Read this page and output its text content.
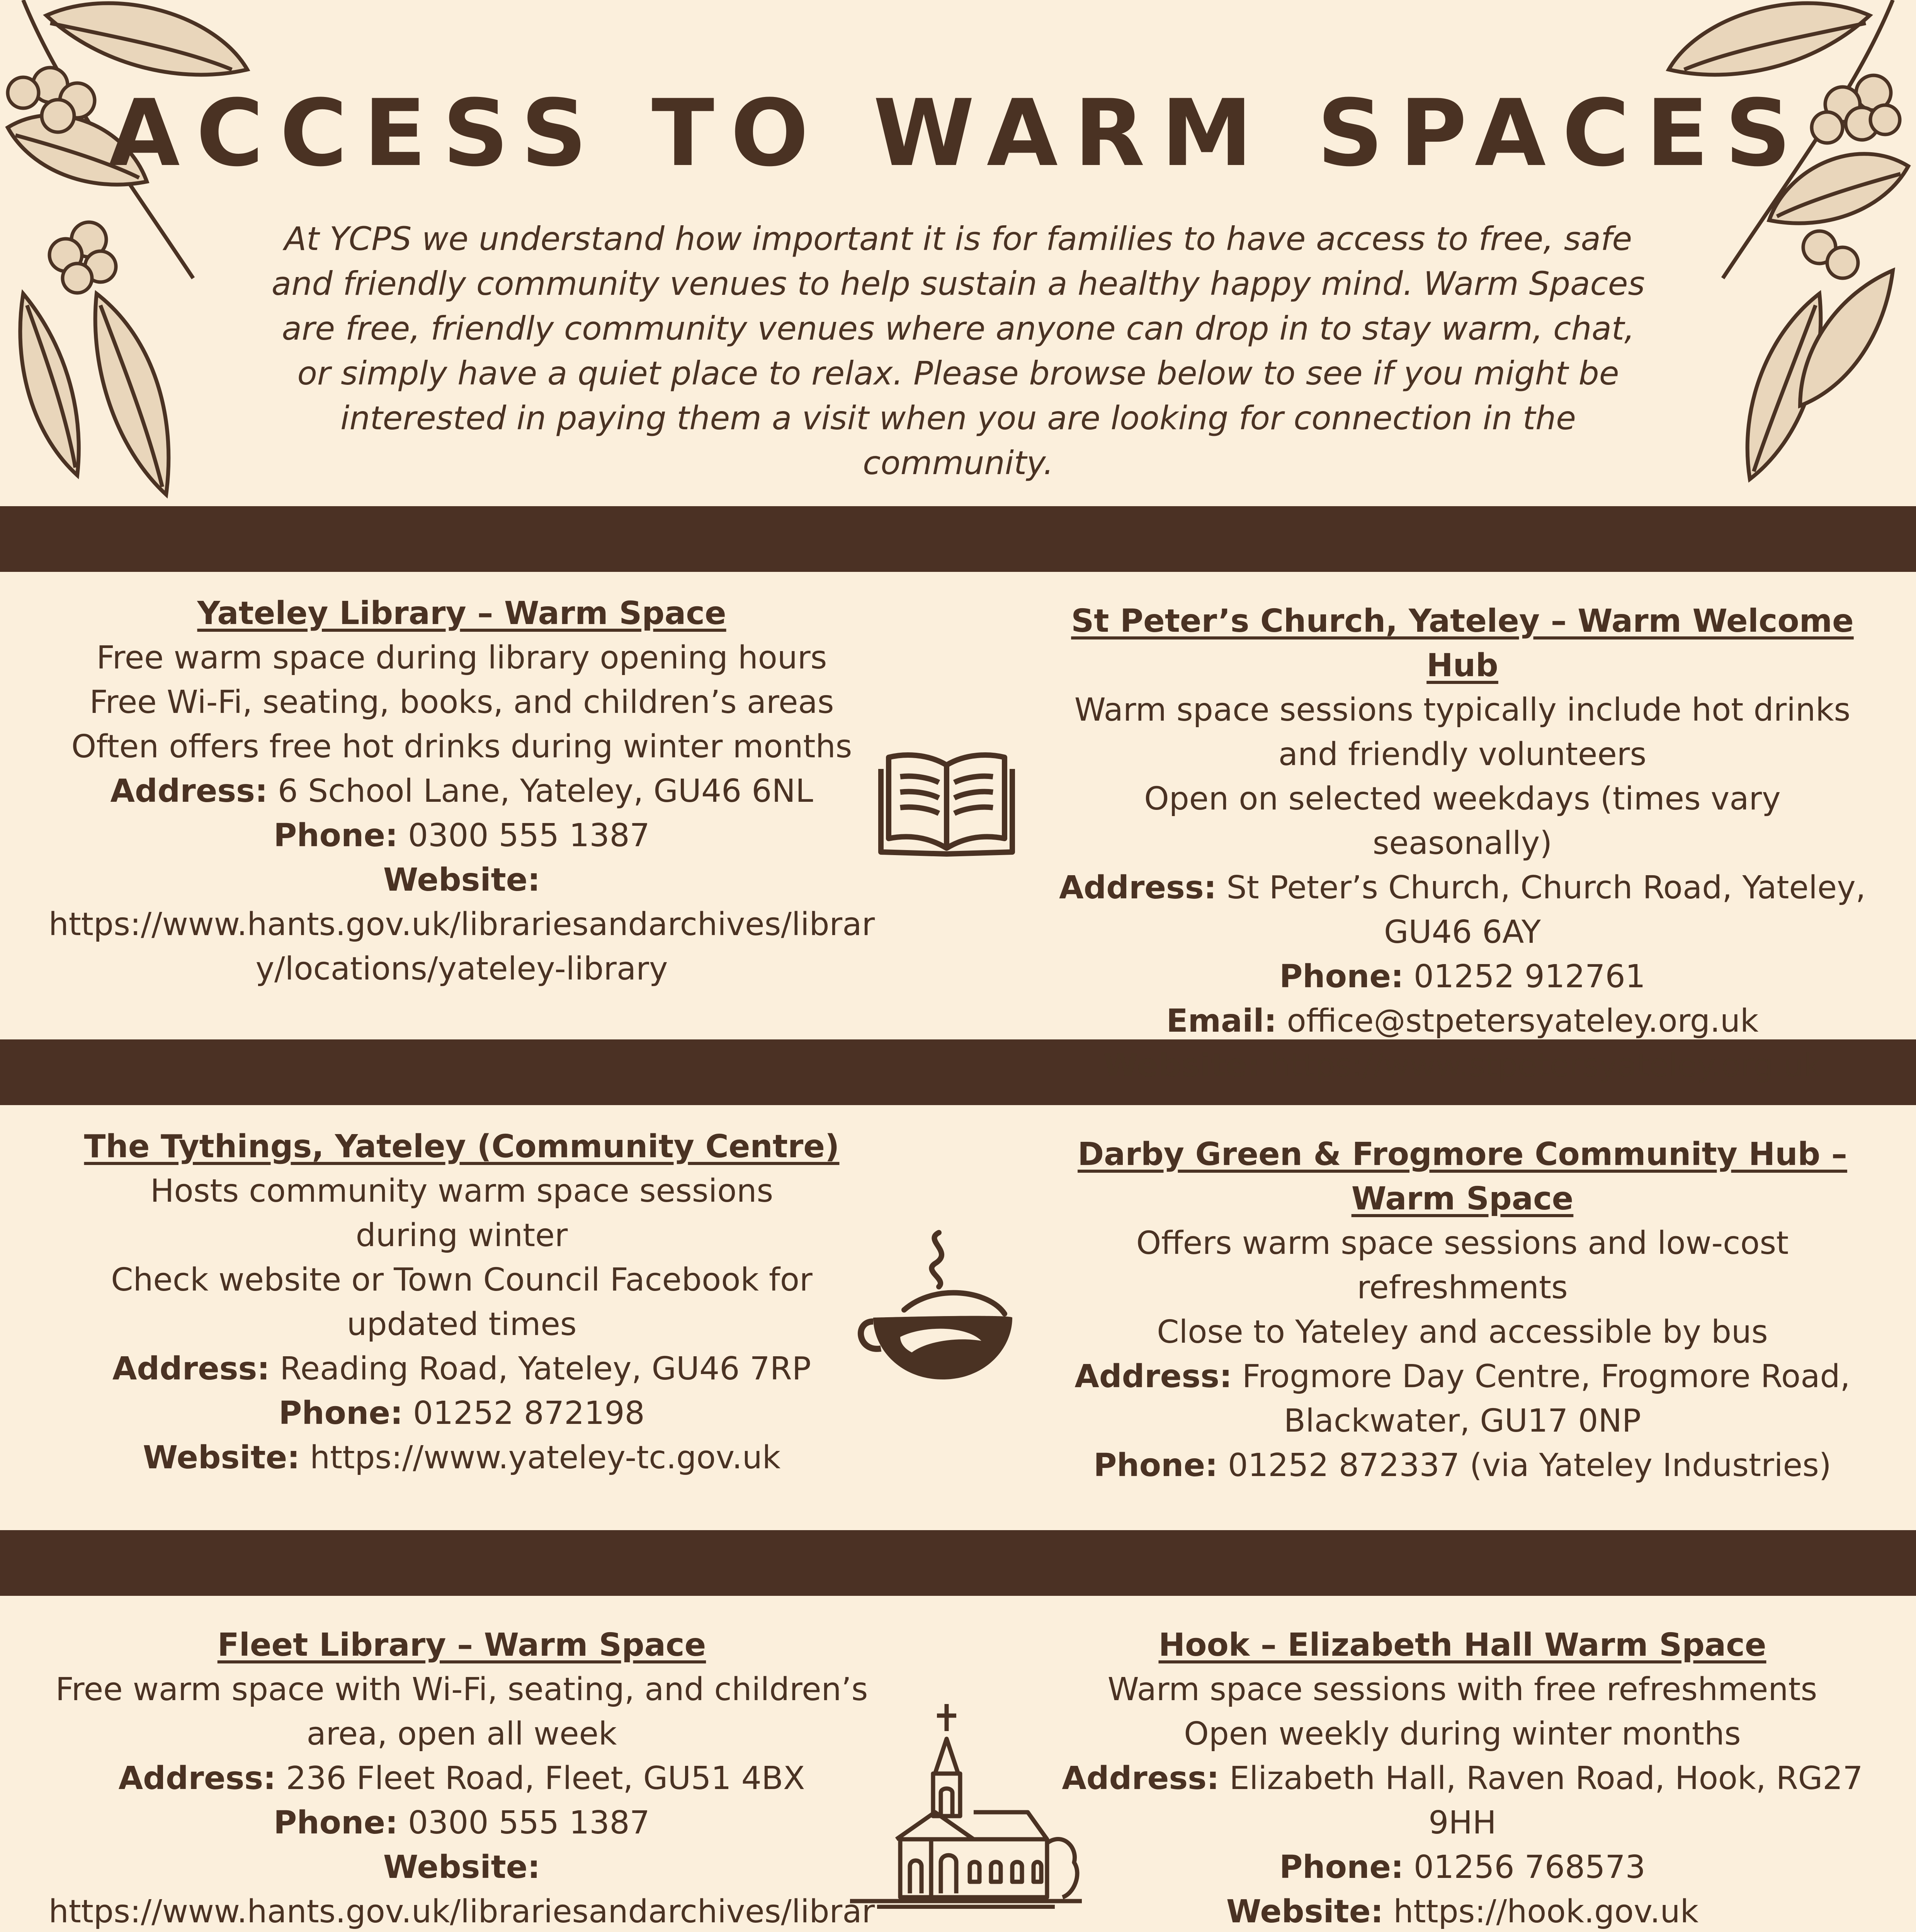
ACCESS TO WARM SPACES
At YCPS we understand how important it is for families to have access to free, safe and friendly community venues to help sustain a healthy happy mind. Warm Spaces are free, friendly community venues where anyone can drop in to stay warm, chat, or simply have a quiet place to relax. Please browse below to see if you might be interested in paying them a visit when you are looking for connection in the community.
Yateley Library – Warm Space
Free warm space during library opening hours
Free Wi-Fi, seating, books, and children’s areas
Often offers free hot drinks during winter months
Address: 6 School Lane, Yateley, GU46 6NL
Phone: 0300 555 1387
Website:
https://www.hants.gov.uk/librariesandarchives/library/locations/yateley-library
St Peter’s Church, Yateley – Warm Welcome Hub
Warm space sessions typically include hot drinks and friendly volunteers
Open on selected weekdays (times vary seasonally)
Address: St Peter’s Church, Church Road, Yateley, GU46 6AY
Phone: 01252 912761
Email: office@stpetersyateley.org.uk
Website: https://www.stpetersyateley.org.uk
The Tythings, Yateley (Community Centre)
Hosts community warm space sessions during winter
Check website or Town Council Facebook for updated times
Address: Reading Road, Yateley, GU46 7RP
Phone: 01252 872198
Website: https://www.yateley-tc.gov.uk
Darby Green & Frogmore Community Hub – Warm Space
Offers warm space sessions and low-cost refreshments
Close to Yateley and accessible by bus
Address: Frogmore Day Centre, Frogmore Road, Blackwater, GU17 0NP
Phone: 01252 872337 (via Yateley Industries)
Fleet Library – Warm Space
Free warm space with Wi-Fi, seating, and children’s area, open all week
Address: 236 Fleet Road, Fleet, GU51 4BX
Phone: 0300 555 1387
Website:
https://www.hants.gov.uk/librariesandarchives/librar
Hook – Elizabeth Hall Warm Space
Warm space sessions with free refreshments
Open weekly during winter months
Address: Elizabeth Hall, Raven Road, Hook, RG27 9HH
Phone: 01256 768573
Website: https://hook.gov.uk
